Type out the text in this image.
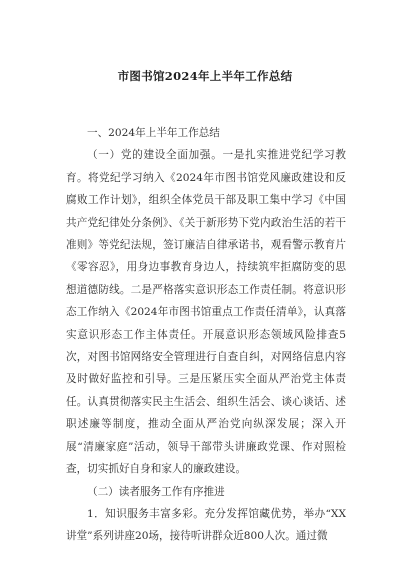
市图书馆2024年上半年工作总结

一、2024年上半年工作总结

（一）党的建设全面加强。一是扎实推进党纪学习教育。将党纪学习纳入《2024年市图书馆党风廉政建设和反腐败工作计划》，组织全体党员干部及职工集中学习《中国共产党纪律处分条例》、《关于新形势下党内政治生活的若干准则》等党纪法规，签订廉洁自律承诺书，观看警示教育片《零容忍》，用身边事教育身边人，持续筑牢拒腐防变的思想道德防线。二是严格落实意识形态工作责任制。将意识形态工作纳入《2024年市图书馆重点工作责任清单》，认真落实意识形态工作主体责任。开展意识形态领域风险排查5次，对图书馆网络安全管理进行自查自纠，对网络信息内容及时做好监控和引导。三是压紧压实全面从严治党主体责任。认真贯彻落实民主生活会、组织生活会、谈心谈话、述职述廉等制度，推动全面从严治党向纵深发展；深入开展“清廉家庭”活动，领导干部带头讲廉政党课、作对照检查，切实抓好自身和家人的廉政建设。

（二）读者服务工作有序推进

1．知识服务丰富多彩。充分发挥馆藏优势，举办“XX讲堂”系列讲座20场，接待听讲群众近800人次。通过微
